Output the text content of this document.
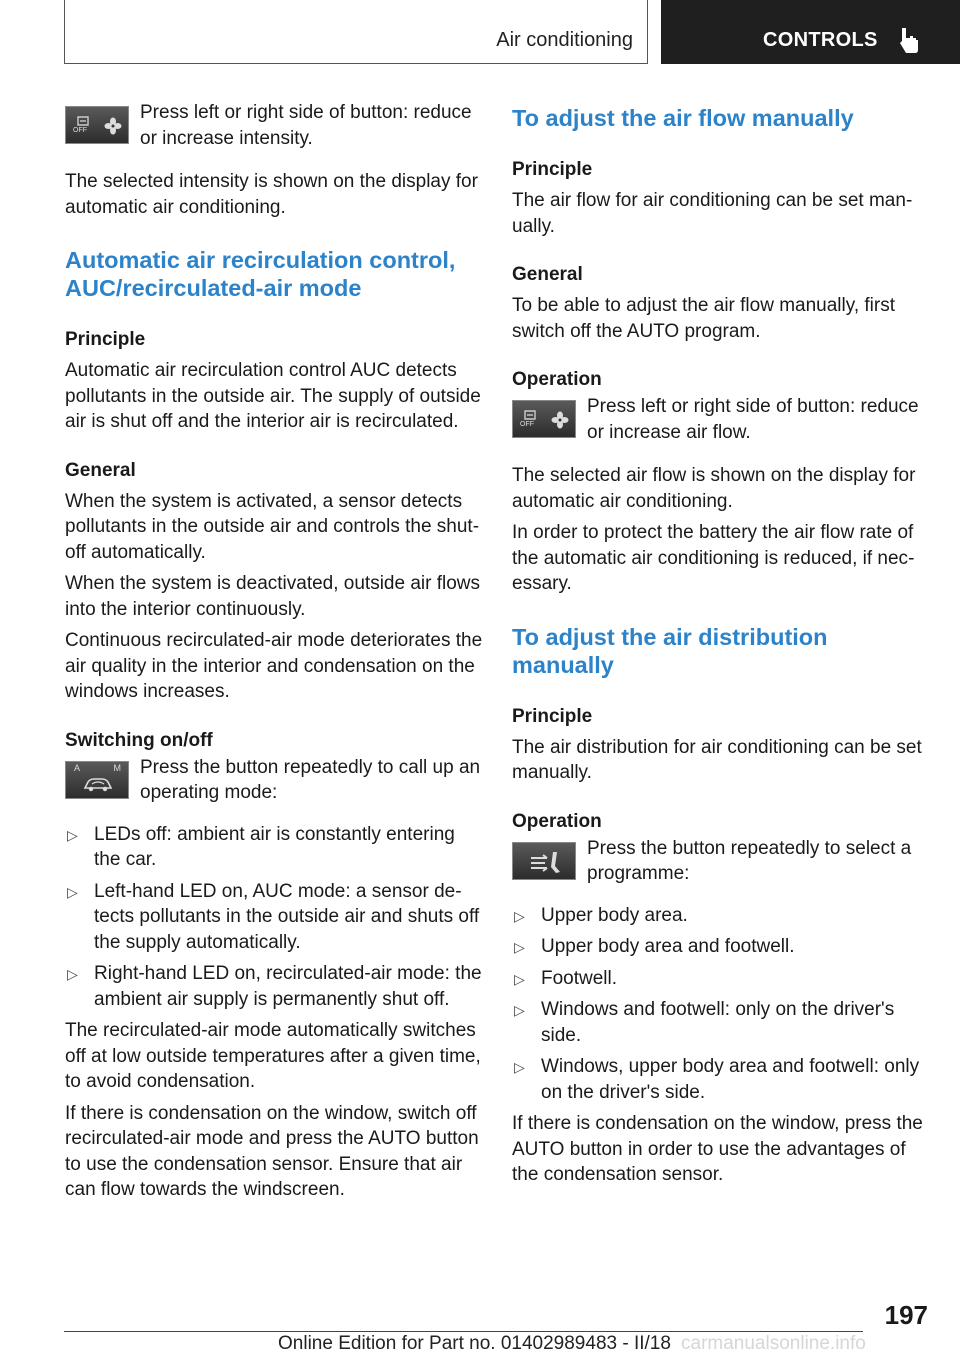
Air conditioning	CONTROLS
OFF

Press left or right side of button: reduce or increase intensity.

The selected intensity is shown on the display for automatic air conditioning.

Automatic air recirculation control, AUC/recirculated-air mode
Principle

Automatic air recirculation control AUC detects pollutants in the outside air. The supply of outside air is shut off and the interior air is recirculated.

General

When the system is activated, a sensor detects pollutants in the outside air and controls the shut-off automatically.

When the system is deactivated, outside air flows into the interior continuously.

Continuous recirculated-air mode deteriorates the air quality in the interior and condensation on the windows increases.

Switching on/off
A	M Press the button repeatedly to call up an operating mode:

▷ LEDs off: ambient air is constantly entering the car.
▷ Left-hand LED on, AUC mode: a sensor detects pollutants in the outside air and shuts off the supply automatically.
▷ Right-hand LED on, recirculated-air mode: the ambient air supply is permanently shut off.

The recirculated-air mode automatically switches off at low outside temperatures after a given time, to avoid condensation.

If there is condensation on the window, switch off recirculated-air mode and press the AUTO button to use the condensation sensor. Ensure that air can flow towards the windscreen.

To adjust the air flow manually
Principle

The air flow for air conditioning can be set manually.

General

To be able to adjust the air flow manually, first switch off the AUTO program.

Operation
OFF

Press left or right side of button: reduce or increase air flow.

The selected air flow is shown on the display for automatic air conditioning.

In order to protect the battery the air flow rate of the automatic air conditioning is reduced, if necessary.

To adjust the air distribution manually
Principle

The air distribution for air conditioning can be set manually.

Operation

Press the button repeatedly to select a programme:

▷ Upper body area.
▷ Upper body area and footwell.
▷ Footwell.
▷ Windows and footwell: only on the driver's side.
▷ Windows, upper body area and footwell: only on the driver's side.

If there is condensation on the window, press the AUTO button in order to use the advantages of the condensation sensor.

197
Online Edition for Part no. 01402989483 - II/18 carmanualsonline.info
